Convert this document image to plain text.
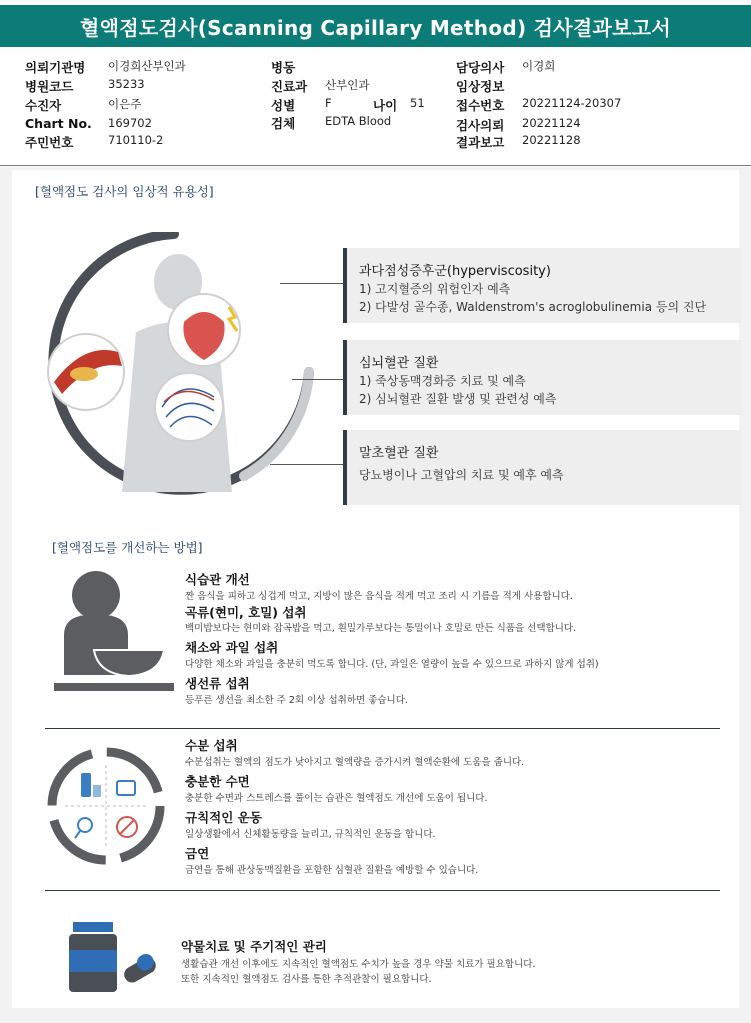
혈액점도검사(Scanning Capillary Method) 검사결과보고서
의뢰기관명 이경희산부인과
병원코드	35233
수진자	이은주
Chart No. 169702
주민번호	710110-2
병동
진료과 산부인과
성별	F	나이 51
검체	EDTA Blood
담당의사 이경희
임상정보
접수번호 20221124-20307
검사의뢰 20221124
결과보고 20221128
[혈액점도 검사의 임상적 유용성]
과다점성증후군(hyperviscosity)
1) 고지혈증의 위험인자 예측
2) 다발성 골수종, Waldenstrom's acroglobulinemia 등의 진단
심뇌혈관 질환
1) 죽상동맥경화증 치료 및 예측
2) 심뇌혈관 질환 발생 및 관련성 예측
말초혈관 질환
당뇨병이나 고혈압의 치료 및 예후 예측
[혈액점도를 개선하는 방법]
식습관 개선
짠 음식을 피하고 싱겁게 먹고, 지방이 많은 음식을 적게 먹고 조리 시 기름을 적게 사용합니다.
곡류(현미, 호밀) 섭취
백미밥보다는 현미와 잡곡밥을 먹고, 흰밀가루보다는 통밀이나 호밀로 만든 식품을 선택합니다.
채소와 과일 섭취
다양한 채소와 과일을 충분히 먹도록 합니다. (단, 과일은 열량이 높을 수 있으므로 과하지 않게 섭취)
생선류 섭취
등푸른 생선을 최소한 주 2회 이상 섭취하면 좋습니다.
수분 섭취
수분섭취는 혈액의 점도가 낮아지고 혈액량을 증가시켜 혈액순환에 도움을 줍니다.
충분한 수면
충분한 수면과 스트레스를 풀이는 습관은 혈액점도 개선에 도움이 됩니다.
규칙적인 운동
일상생활에서 신체활동량을 늘리고, 규칙적인 운동을 합니다.
금연
금연을 통해 관상동맥질환을 포함한 심혈관 질환을 예방할 수 있습니다.
약물치료 및 주기적인 관리
생활습관 개선 이후에도 지속적인 혈액점도 수치가 높을 경우 약물 치료가 필요합니다.
또한 지속적인 혈액점도 검사를 통한 추적관찰이 필요합니다.
